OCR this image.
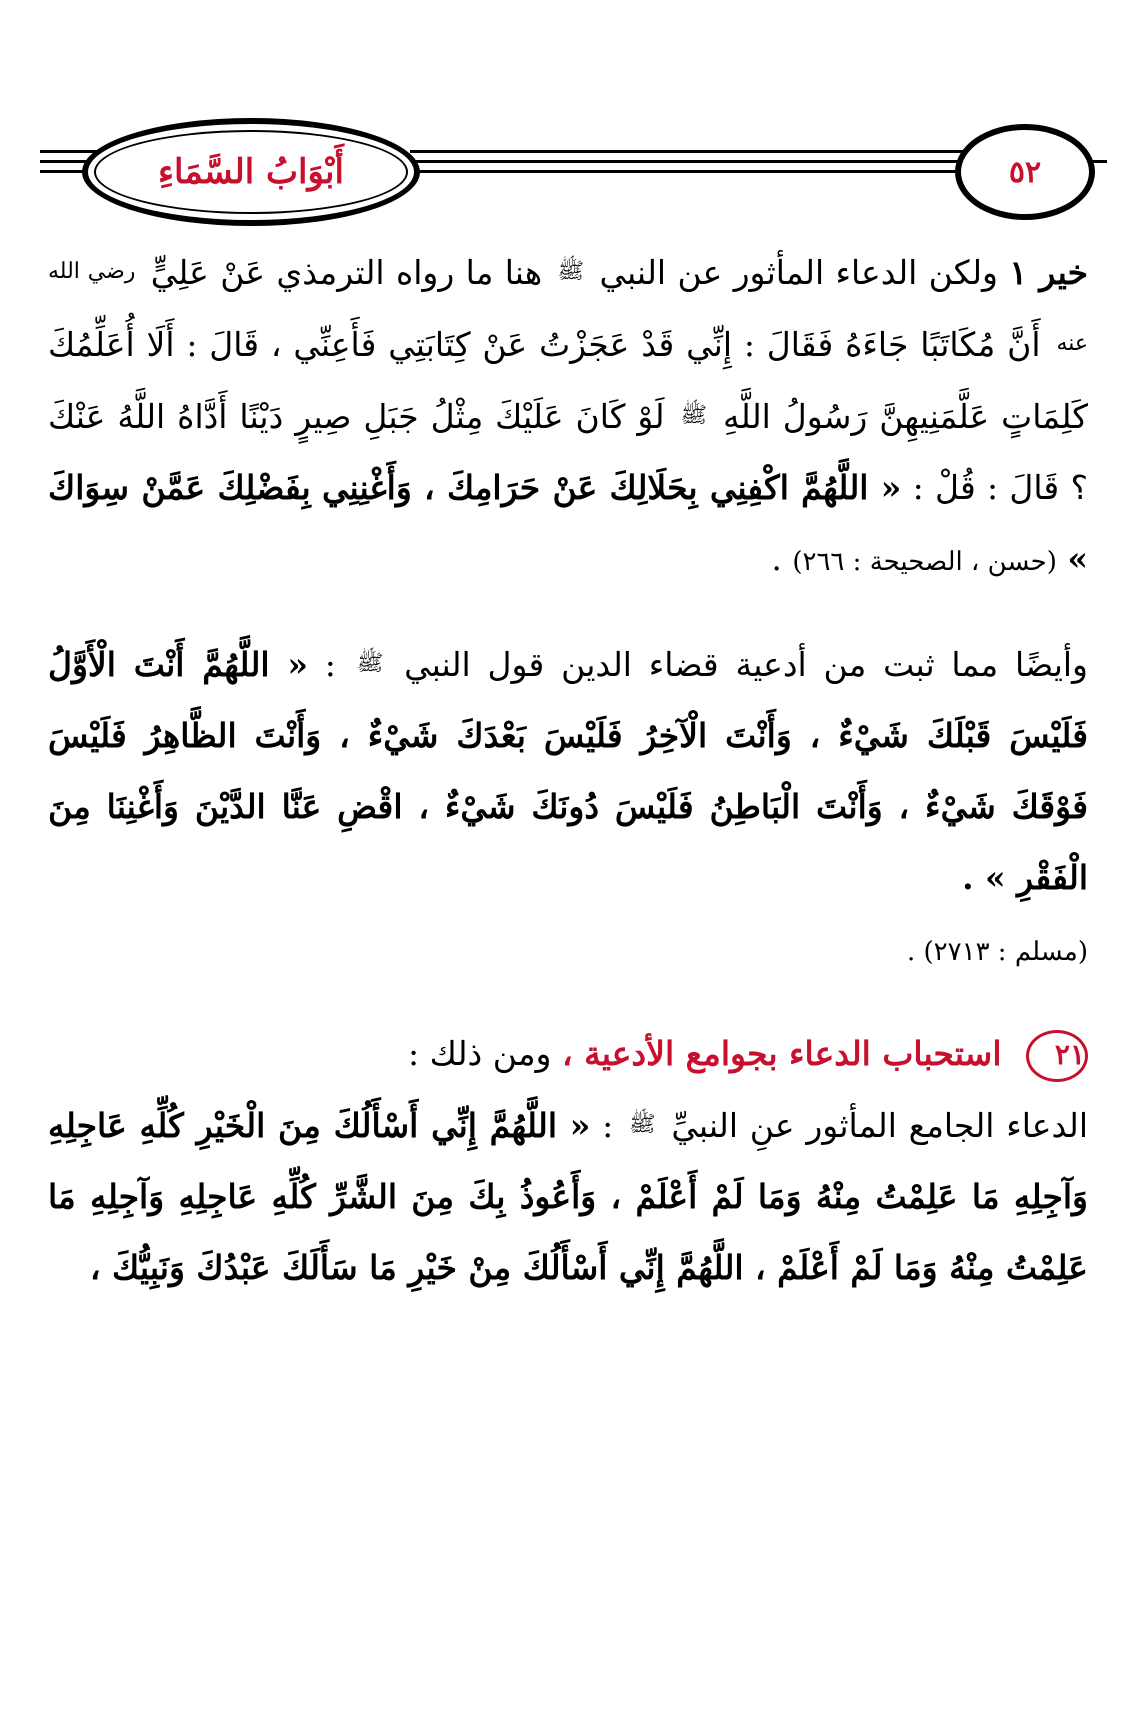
أَبْوَابُ السَّمَاءِ	٥٢

خير ١ ولكن الدعاء المأثور عن النبي ﷺ هنا ما رواه الترمذي عَنْ عَلِيٍّ رضي الله عنه أَنَّ مُكَاتَبًا جَاءَهُ فَقَالَ : إِنِّي قَدْ عَجَزْتُ عَنْ كِتَابَتِي فَأَعِنِّي ، قَالَ : أَلَا أُعَلِّمُكَ كَلِمَاتٍ عَلَّمَنِيهِنَّ رَسُولُ اللَّهِ ﷺ لَوْ كَانَ عَلَيْكَ مِثْلُ جَبَلِ صِيرٍ دَيْنًا أَدَّاهُ اللَّهُ عَنْكَ ؟ قَالَ : قُلْ : « اللَّهُمَّ اكْفِنِي بِحَلَالِكَ عَنْ حَرَامِكَ ، وَأَغْنِنِي بِفَضْلِكَ عَمَّنْ سِوَاكَ » (حسن ، الصحيحة : ٢٦٦) .

وأيضًا مما ثبت من أدعية قضاء الدين قول النبي ﷺ : « اللَّهُمَّ أَنْتَ الْأَوَّلُ فَلَيْسَ قَبْلَكَ شَيْءٌ ، وَأَنْتَ الْآخِرُ فَلَيْسَ بَعْدَكَ شَيْءٌ ، وَأَنْتَ الظَّاهِرُ فَلَيْسَ فَوْقَكَ شَيْءٌ ، وَأَنْتَ الْبَاطِنُ فَلَيْسَ دُونَكَ شَيْءٌ ، اقْضِ عَنَّا الدَّيْنَ وَأَغْنِنَا مِنَ الْفَقْرِ » .

(مسلم : ٢٧١٣) .

٢١ استحباب الدعاء بجوامع الأدعية ، ومن ذلك :

الدعاء الجامع المأثور عنِ النبيِّ ﷺ : « اللَّهُمَّ إِنِّي أَسْأَلُكَ مِنَ الْخَيْرِ كُلِّهِ عَاجِلِهِ وَآجِلِهِ مَا عَلِمْتُ مِنْهُ وَمَا لَمْ أَعْلَمْ ، وَأَعُوذُ بِكَ مِنَ الشَّرِّ كُلِّهِ عَاجِلِهِ وَآجِلِهِ مَا عَلِمْتُ مِنْهُ وَمَا لَمْ أَعْلَمْ ، اللَّهُمَّ إِنِّي أَسْأَلُكَ مِنْ خَيْرِ مَا سَأَلَكَ عَبْدُكَ وَنَبِيُّكَ ،
